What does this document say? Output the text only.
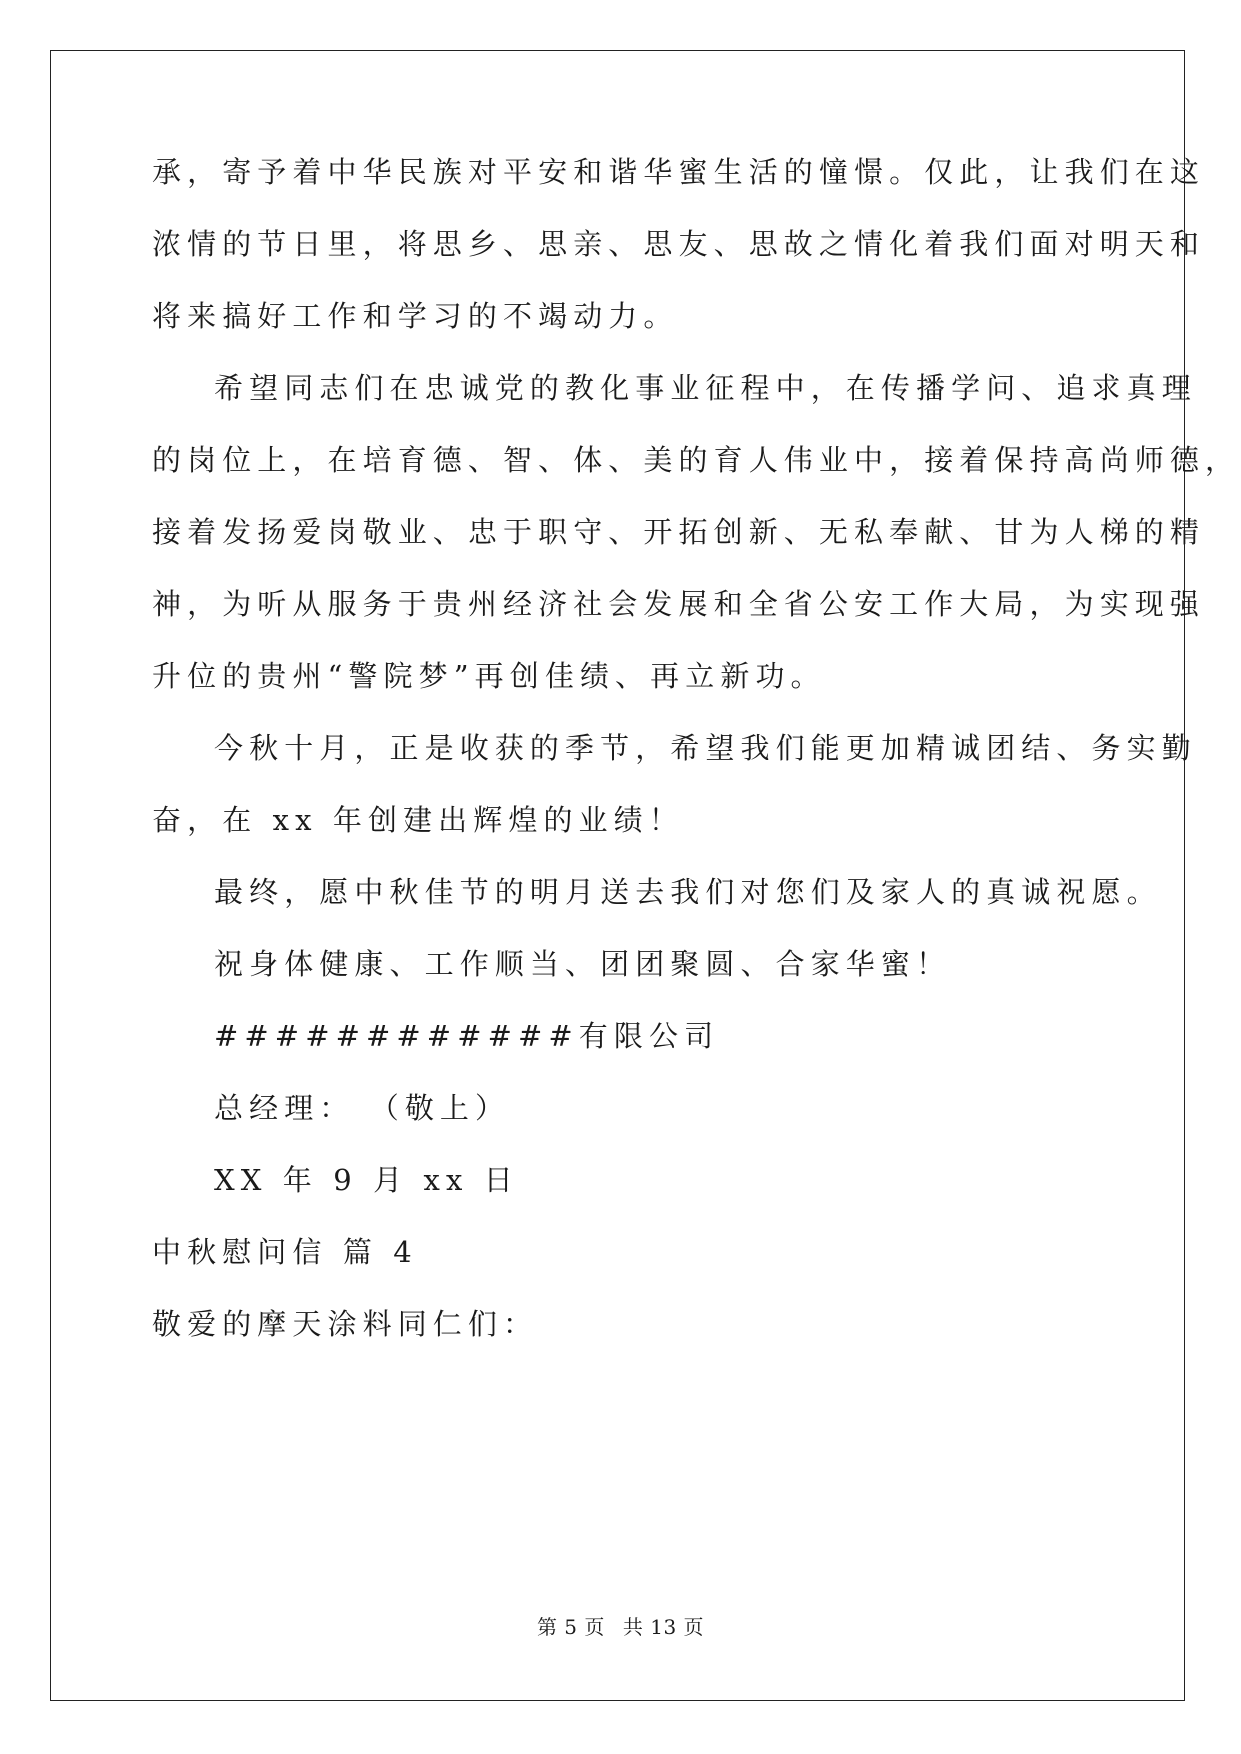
承，寄予着中华民族对平安和谐华蜜生活的憧憬。仅此，让我们在这
浓情的节日里，将思乡、思亲、思友、思故之情化着我们面对明天和
将来搞好工作和学习的不竭动力。
希望同志们在忠诚党的教化事业征程中，在传播学问、追求真理
的岗位上，在培育德、智、体、美的育人伟业中，接着保持高尚师德，
接着发扬爱岗敬业、忠于职守、开拓创新、无私奉献、甘为人梯的精
神，为听从服务于贵州经济社会发展和全省公安工作大局，为实现强
升位的贵州“警院梦”再创佳绩、再立新功。
今秋十月，正是收获的季节，希望我们能更加精诚团结、务实勤
奋，在 xx 年创建出辉煌的业绩！
最终，愿中秋佳节的明月送去我们对您们及家人的真诚祝愿。
祝身体健康、工作顺当、团团聚圆、合家华蜜！
############有限公司
总经理： （敬上）
XX 年 9 月 xx 日
中秋慰问信 篇 4
敬爱的摩天涂料同仁们：
第 5 页 共 13 页
